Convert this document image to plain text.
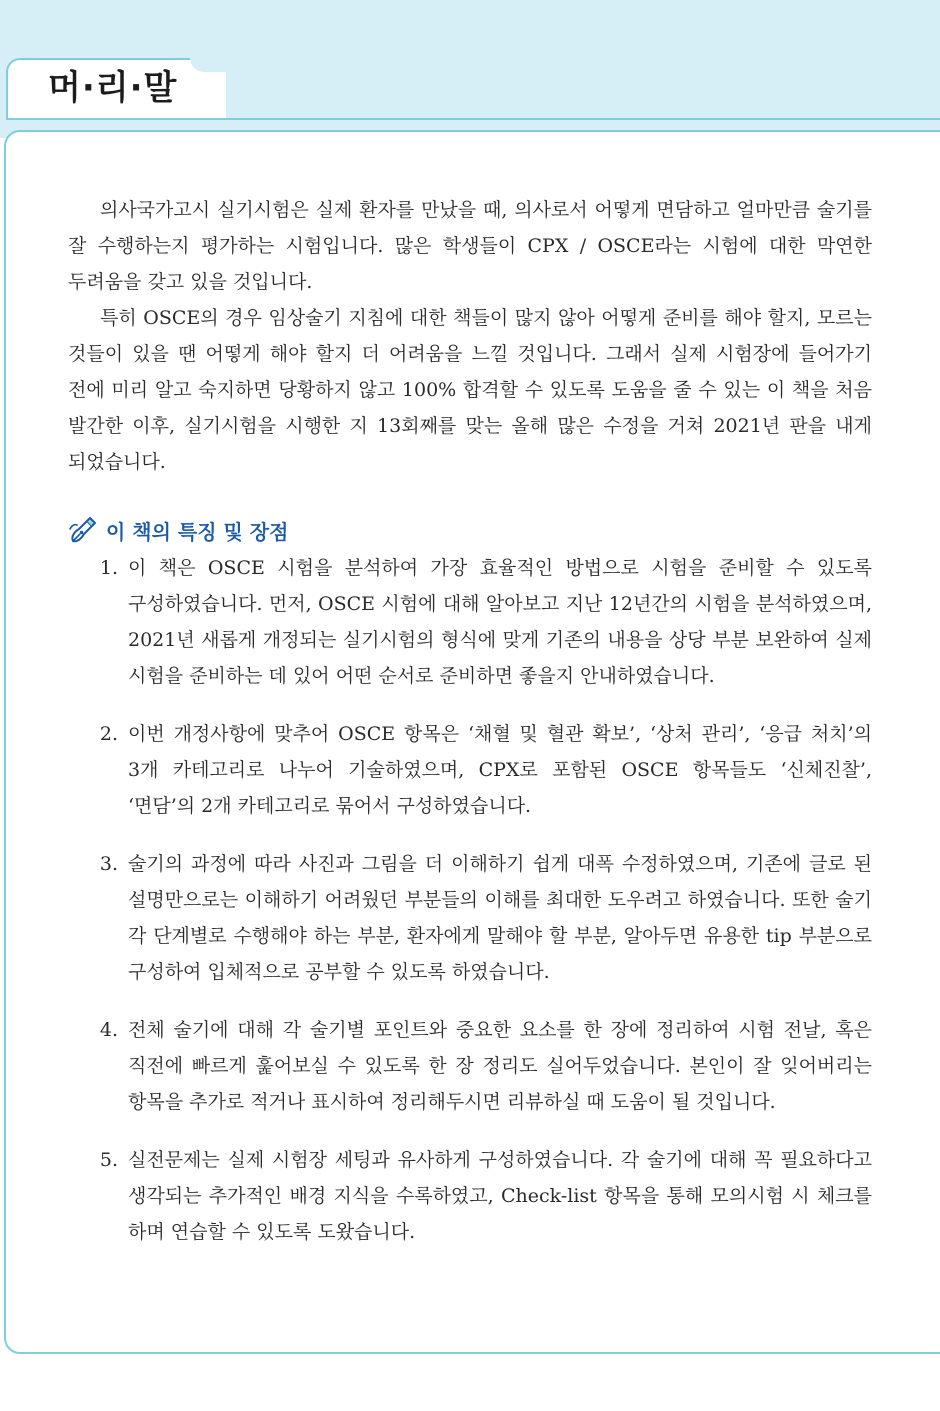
머·리·말

의사국가고시 실기시험은 실제 환자를 만났을 때, 의사로서 어떻게 면담하고 얼마만큼 술기를 잘 수행하는지 평가하는 시험입니다. 많은 학생들이 CPX / OSCE라는 시험에 대한 막연한 두려움을 갖고 있을 것입니다.

특히 OSCE의 경우 임상술기 지침에 대한 책들이 많지 않아 어떻게 준비를 해야 할지, 모르는 것들이 있을 땐 어떻게 해야 할지 더 어려움을 느낄 것입니다. 그래서 실제 시험장에 들어가기 전에 미리 알고 숙지하면 당황하지 않고 100% 합격할 수 있도록 도움을 줄 수 있는 이 책을 처음 발간한 이후, 실기시험을 시행한 지 13회째를 맞는 올해 많은 수정을 거쳐 2021년 판을 내게 되었습니다.

이 책의 특징 및 장점
1. 이 책은 OSCE 시험을 분석하여 가장 효율적인 방법으로 시험을 준비할 수 있도록 구성하였습니다. 먼저, OSCE 시험에 대해 알아보고 지난 12년간의 시험을 분석하였으며, 2021년 새롭게 개정되는 실기시험의 형식에 맞게 기존의 내용을 상당 부분 보완하여 실제 시험을 준비하는 데 있어 어떤 순서로 준비하면 좋을지 안내하였습니다.
2. 이번 개정사항에 맞추어 OSCE 항목은 ‘채혈 및 혈관 확보’, ‘상처 관리’, ‘응급 처치’의 3개 카테고리로 나누어 기술하였으며, CPX로 포함된 OSCE 항목들도 ‘신체진찰’, ‘면담’의 2개 카테고리로 묶어서 구성하였습니다.
3. 술기의 과정에 따라 사진과 그림을 더 이해하기 쉽게 대폭 수정하였으며, 기존에 글로 된 설명만으로는 이해하기 어려웠던 부분들의 이해를 최대한 도우려고 하였습니다. 또한 술기 각 단계별로 수행해야 하는 부분, 환자에게 말해야 할 부분, 알아두면 유용한 tip 부분으로 구성하여 입체적으로 공부할 수 있도록 하였습니다.
4. 전체 술기에 대해 각 술기별 포인트와 중요한 요소를 한 장에 정리하여 시험 전날, 혹은 직전에 빠르게 훑어보실 수 있도록 한 장 정리도 실어두었습니다. 본인이 잘 잊어버리는 항목을 추가로 적거나 표시하여 정리해두시면 리뷰하실 때 도움이 될 것입니다.
5. 실전문제는 실제 시험장 세팅과 유사하게 구성하였습니다. 각 술기에 대해 꼭 필요하다고 생각되는 추가적인 배경 지식을 수록하였고, Check-list 항목을 통해 모의시험 시 체크를 하며 연습할 수 있도록 도왔습니다.
